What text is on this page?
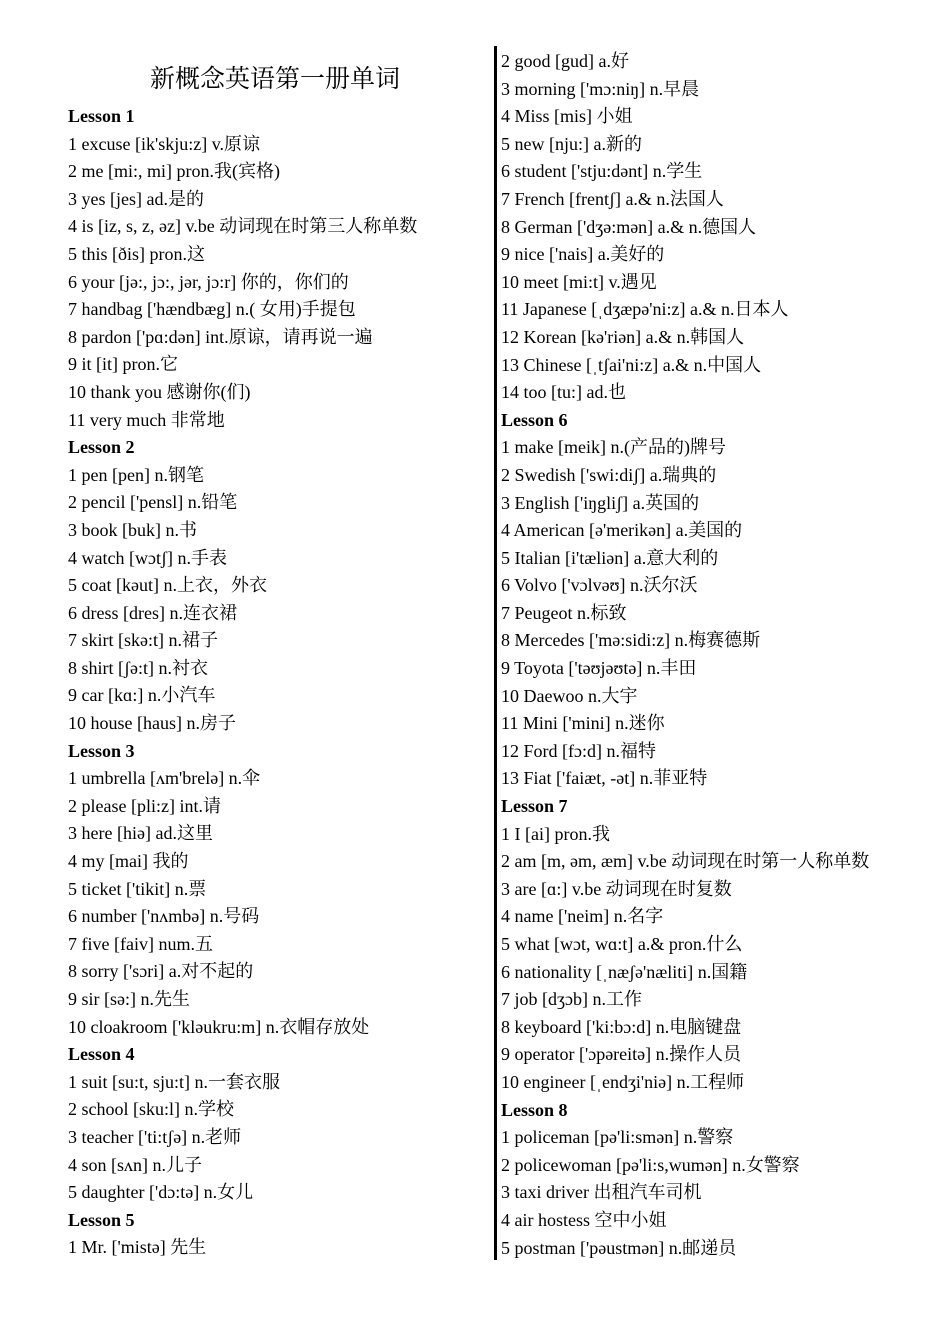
新概念英语第一册单词
Lesson 1
1 excuse [ik'skju:z] v.原谅
2 me [mi:, mi] pron.我(宾格)
3 yes [jes] ad.是的
4 is [iz, s, z, əz] v.be 动词现在时第三人称单数
5 this [ðis] pron.这
6 your [jə:, jɔ:, jər, jɔ:r] 你的，你们的
7 handbag ['hændbæg] n.( 女用)手提包
8 pardon ['pɑ:dən] int.原谅，请再说一遍
9 it [it] pron.它
10 thank you 感谢你(们)
11 very much 非常地
Lesson 2
1 pen [pen] n.钢笔
2 pencil ['pensl] n.铅笔
3 book [buk] n.书
4 watch [wɔtʃ] n.手表
5 coat [kəut] n.上衣，外衣
6 dress [dres] n.连衣裙
7 skirt [skə:t] n.裙子
8 shirt [ʃə:t] n.衬衣
9 car [kɑ:] n.小汽车
10 house [haus] n.房子
Lesson 3
1 umbrella [ʌm'brelə] n.伞
2 please [pli:z] int.请
3 here [hiə] ad.这里
4 my [mai] 我的
5 ticket ['tikit] n.票
6 number ['nʌmbə] n.号码
7 five [faiv] num.五
8 sorry ['sɔri] a.对不起的
9 sir [sə:] n.先生
10 cloakroom ['kləukru:m] n.衣帽存放处
Lesson 4
1 suit [su:t, sju:t] n.一套衣服
2 school [sku:l] n.学校
3 teacher ['ti:tʃə] n.老师
4 son [sʌn] n.儿子
5 daughter ['dɔ:tə] n.女儿
Lesson 5
1 Mr. ['mistə] 先生
2 good [gud] a.好
3 morning ['mɔ:niŋ] n.早晨
4 Miss [mis] 小姐
5 new [nju:] a.新的
6 student ['stju:dənt] n.学生
7 French [frentʃ] a.& n.法国人
8 German ['dʒə:mən] a.& n.德国人
9 nice ['nais] a.美好的
10 meet [mi:t] v.遇见
11 Japanese [ˌdʒæpə'ni:z] a.& n.日本人
12 Korean [kə'riən] a.& n.韩国人
13 Chinese [ˌtʃai'ni:z] a.& n.中国人
14 too [tu:] ad.也
Lesson 6
1 make [meik] n.(产品的)牌号
2 Swedish ['swi:diʃ] a.瑞典的
3 English ['iŋgliʃ] a.英国的
4 American [ə'merikən] a.美国的
5 Italian [i'tæliən] a.意大利的
6 Volvo ['vɔlvəʊ] n.沃尔沃
7 Peugeot n.标致
8 Mercedes ['mə:sidi:z] n.梅赛德斯
9 Toyota ['təʊjəʊtə] n.丰田
10 Daewoo n.大宇
11 Mini ['mini] n.迷你
12 Ford [fɔ:d] n.福特
13 Fiat ['faiæt, -ət] n.菲亚特
Lesson 7
1 I [ai] pron.我
2 am [m, əm, æm] v.be 动词现在时第一人称单数
3 are [ɑ:] v.be 动词现在时复数
4 name ['neim] n.名字
5 what [wɔt, wɑ:t] a.& pron.什么
6 nationality [ˌnæʃə'næliti] n.国籍
7 job [dʒɔb] n.工作
8 keyboard ['ki:bɔ:d] n.电脑键盘
9 operator ['ɔpəreitə] n.操作人员
10 engineer [ˌendʒi'niə] n.工程师
Lesson 8
1 policeman [pə'li:smən] n.警察
2 policewoman [pə'li:s,wumən] n.女警察
3 taxi driver 出租汽车司机
4 air hostess 空中小姐
5 postman ['pəustmən] n.邮递员
